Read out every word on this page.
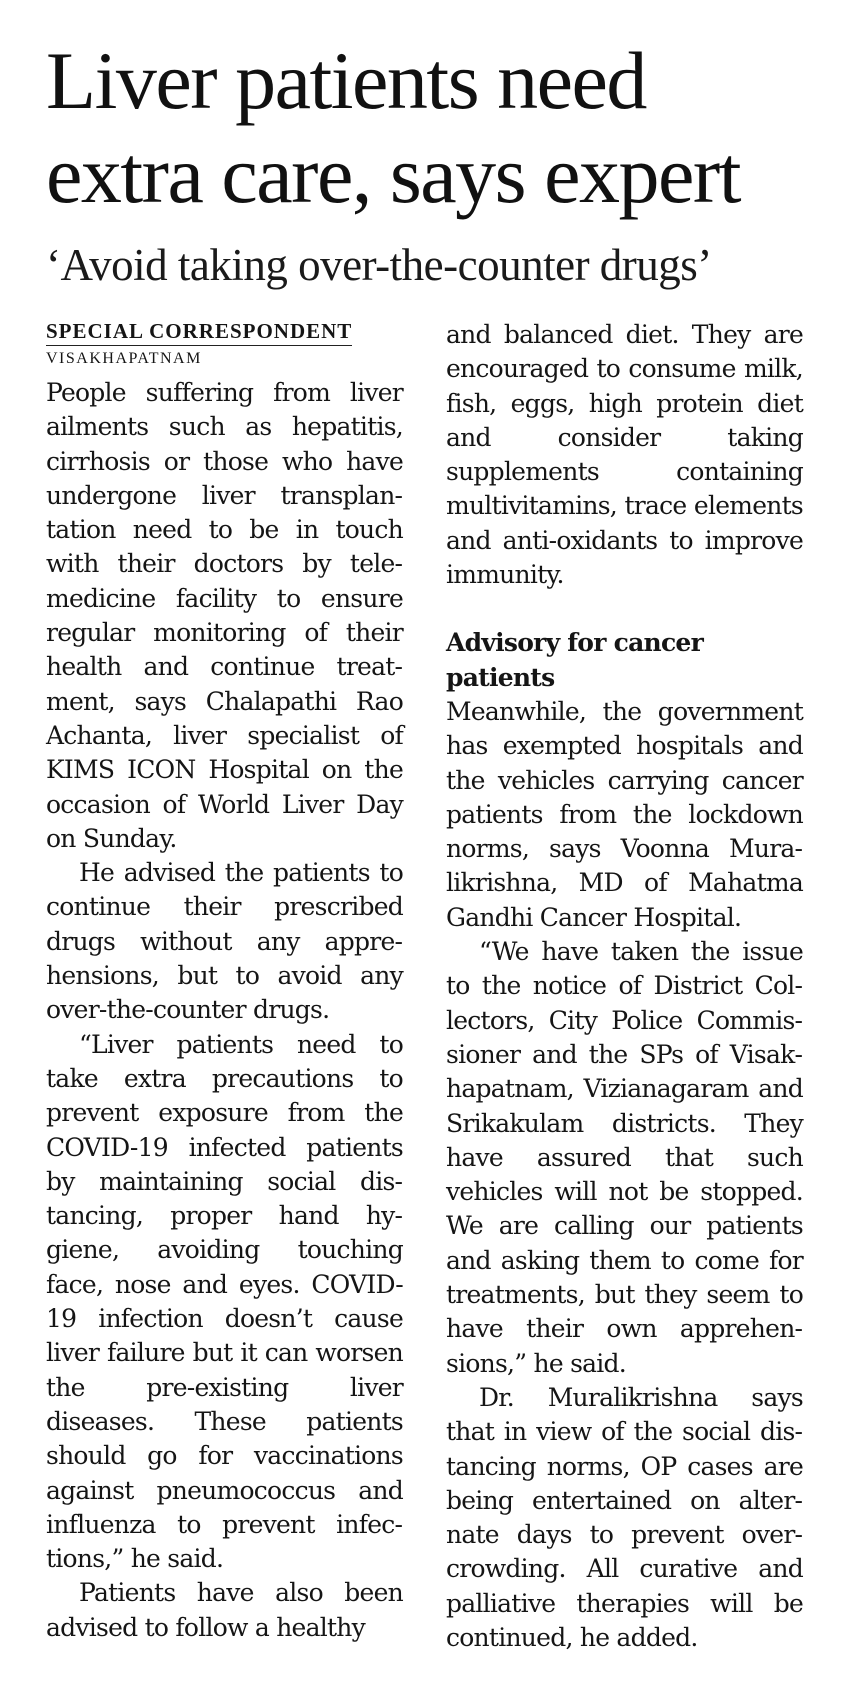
Liver patients need
extra care, says expert
‘Avoid taking over-the-counter drugs’
SPECIAL CORRESPONDENT
VISAKHAPATNAM

People suffering from liver ailments such as hepatitis, cirrhosis or those who have undergone liver transplantation need to be in touch with their doctors by telemedicine facility to ensure regular monitoring of their health and continue treatment, says Chalapathi Rao Achanta, liver specialist of KIMS ICON Hospital on the occasion of World Liver Day on Sunday.

He advised the patients to continue their prescribed drugs without any apprehensions, but to avoid any over-the-counter drugs.

“Liver patients need to take extra precautions to prevent exposure from the COVID-19 infected patients by maintaining social distancing, proper hand hygiene, avoiding touching face, nose and eyes. COVID-19 infection doesn’t cause liver failure but it can worsen the pre-existing liver diseases. These patients should go for vaccinations against pneumococcus and influenza to prevent infections,” he said.

Patients have also been advised to follow a healthy

and balanced diet. They are encouraged to consume milk, fish, eggs, high protein diet and consider taking supplements containing multivitamins, trace elements and anti-oxidants to improve immunity.

Advisory for cancer patients

Meanwhile, the government has exempted hospitals and the vehicles carrying cancer patients from the lockdown norms, says Voonna Muralikrishna, MD of Mahatma Gandhi Cancer Hospital.

“We have taken the issue to the notice of District Collectors, City Police Commissioner and the SPs of Visakhapatnam, Vizianagaram and Srikakulam districts. They have assured that such vehicles will not be stopped. We are calling our patients and asking them to come for treatments, but they seem to have their own apprehensions,” he said.

Dr. Muralikrishna says that in view of the social distancing norms, OP cases are being entertained on alternate days to prevent overcrowding. All curative and palliative therapies will be continued, he added.
